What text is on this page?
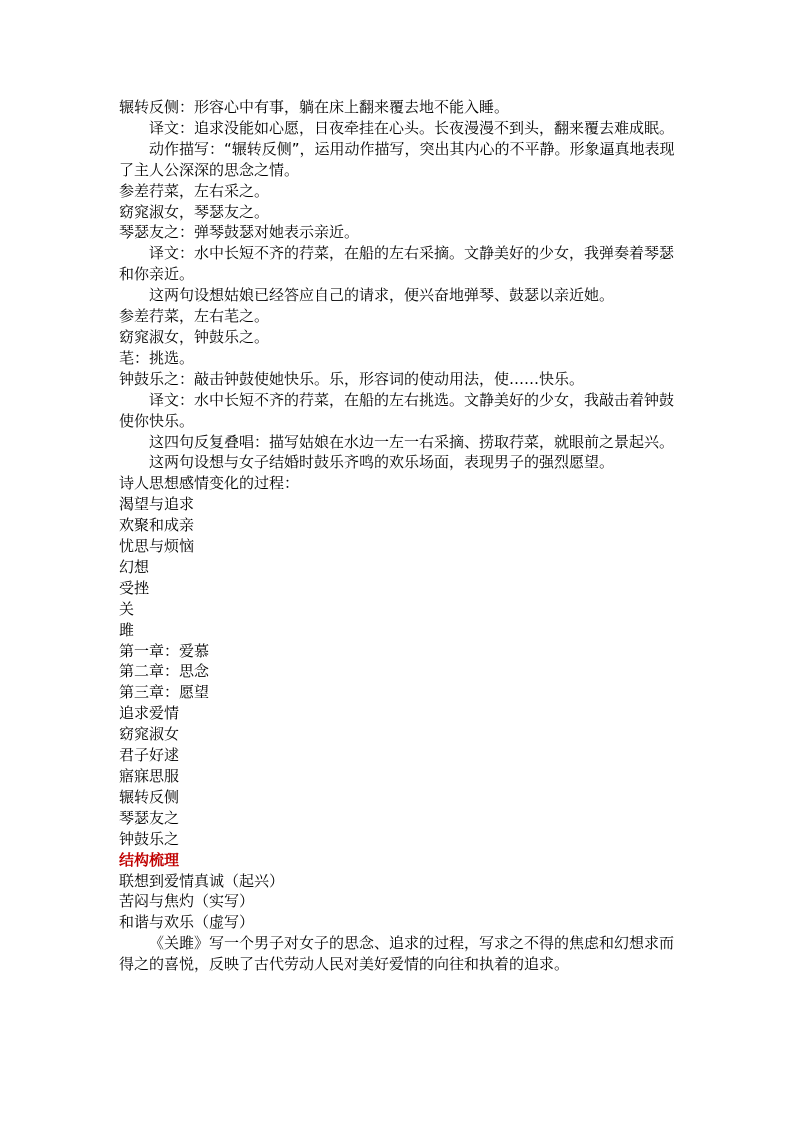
辗转反侧：形容心中有事，躺在床上翻来覆去地不能入睡。

译文：追求没能如心愿，日夜牵挂在心头。长夜漫漫不到头，翻来覆去难成眠。

动作描写：“辗转反侧”，运用动作描写，突出其内心的不平静。形象逼真地表现了主人公深深的思念之情。

参差荇菜，左右采之。

窈窕淑女，琴瑟友之。

琴瑟友之：弹琴鼓瑟对她表示亲近。

译文：水中长短不齐的荇菜，在船的左右采摘。文静美好的少女，我弹奏着琴瑟和你亲近。

这两句设想姑娘已经答应自己的请求，便兴奋地弹琴、鼓瑟以亲近她。

参差荇菜，左右芼之。

窈窕淑女，钟鼓乐之。

芼：挑选。

钟鼓乐之：敲击钟鼓使她快乐。乐，形容词的使动用法，使……快乐。

译文：水中长短不齐的荇菜，在船的左右挑选。文静美好的少女，我敲击着钟鼓使你快乐。

这四句反复叠唱：描写姑娘在水边一左一右采摘、捞取荇菜，就眼前之景起兴。

这两句设想与女子结婚时鼓乐齐鸣的欢乐场面，表现男子的强烈愿望。

诗人思想感情变化的过程：

渴望与追求

欢聚和成亲

忧思与烦恼

幻想

受挫

关

雎

第一章：爱慕

第二章：思念

第三章：愿望

追求爱情

窈窕淑女

君子好逑

寤寐思服

辗转反侧

琴瑟友之

钟鼓乐之

结构梳理

联想到爱情真诚（起兴）

苦闷与焦灼（实写）

和谐与欢乐（虚写）

《关雎》写一个男子对女子的思念、追求的过程，写求之不得的焦虑和幻想求而得之的喜悦，反映了古代劳动人民对美好爱情的向往和执着的追求。
